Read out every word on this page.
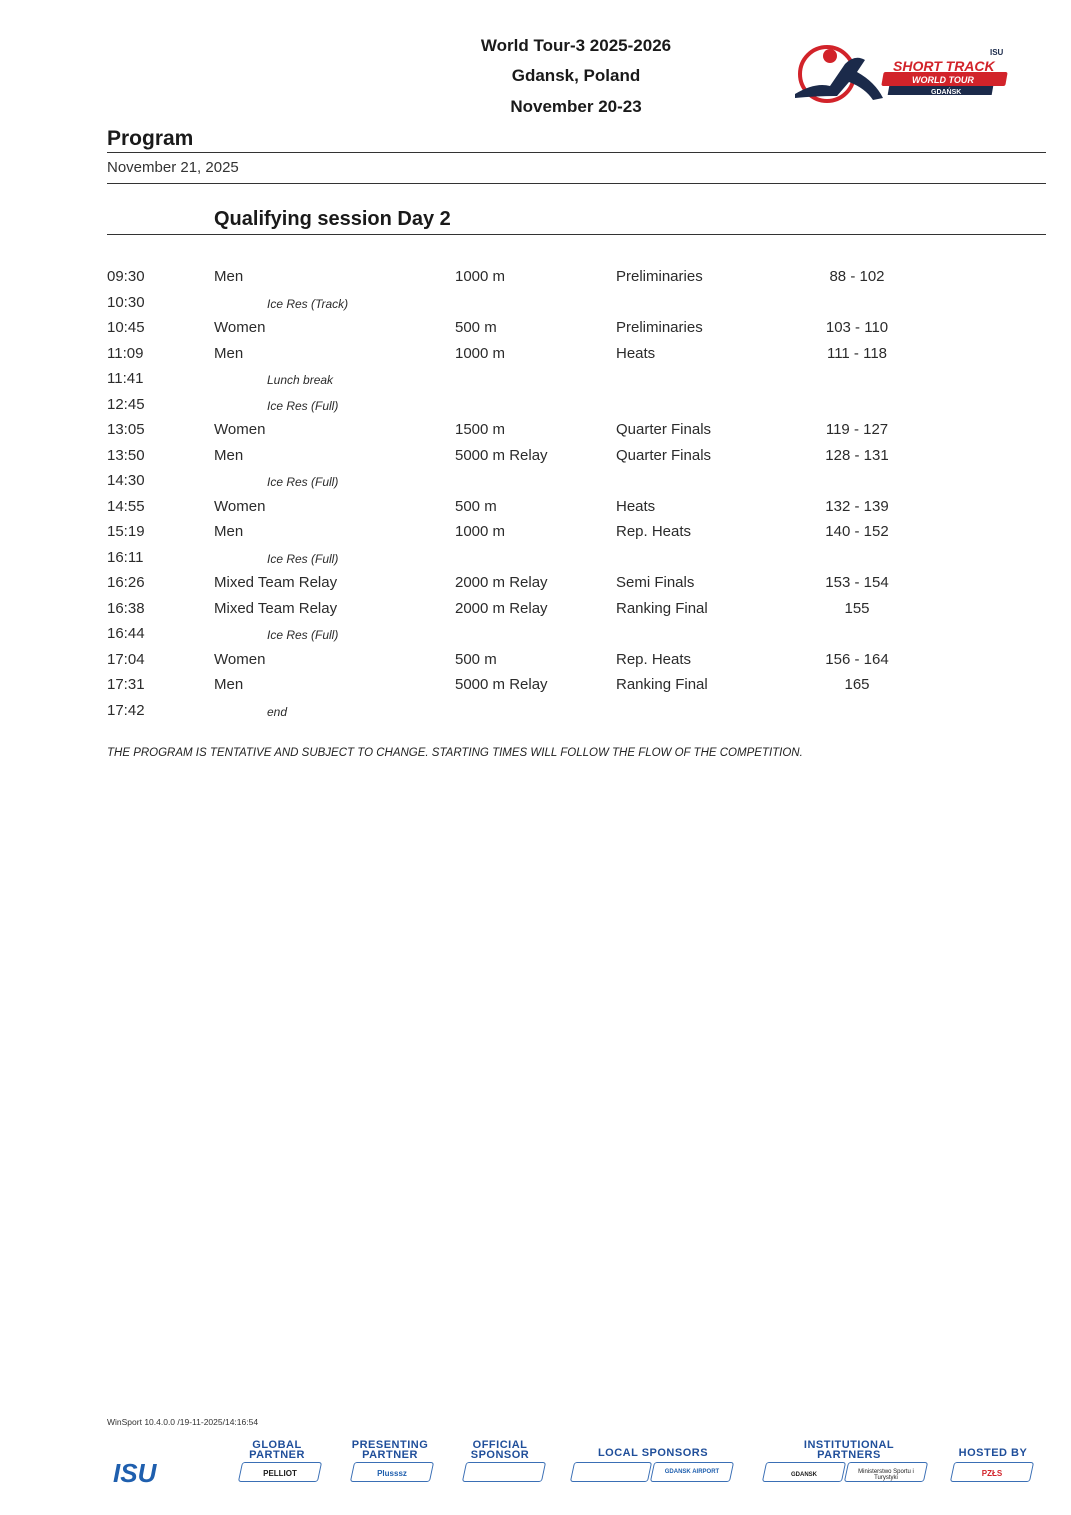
World Tour-3 2025-2026
Gdansk, Poland
November 20-23
ISU
SHORT TRACK
WORLD TOUR
GDAŃSK
Program
November 21, 2025
Qualifying session Day 2
09:30	Men	1000 m	Preliminaries	88 - 102
10:30	Ice Res (Track)
10:45	Women	500 m	Preliminaries	103 - 110
11:09	Men	1000 m	Heats	111 - 118
11:41	Lunch break
12:45	Ice Res (Full)
13:05	Women	1500 m	Quarter Finals	119 - 127
13:50	Men	5000 m Relay	Quarter Finals	128 - 131
14:30	Ice Res (Full)
14:55	Women	500 m	Heats	132 - 139
15:19	Men	1000 m	Rep. Heats	140 - 152
16:11	Ice Res (Full)
16:26	Mixed Team Relay	2000 m Relay	Semi Finals	153 - 154
16:38	Mixed Team Relay	2000 m Relay	Ranking Final	155
16:44	Ice Res (Full)
17:04	Women	500 m	Rep. Heats	156 - 164
17:31	Men	5000 m Relay	Ranking Final	165
17:42	end
THE PROGRAM IS TENTATIVE AND SUBJECT TO CHANGE. STARTING TIMES WILL FOLLOW THE FLOW OF THE COMPETITION.
WinSport 10.4.0.0 /19-11-2025/14:16:54
ISU
GLOBAL PARTNER
PELLIOT
PRESENTING PARTNER
Plusssz
OFFICIAL SPONSOR	LOCAL SPONSORS
GDANSK AIRPORT
INSTITUTIONAL PARTNERS
GDANSK	Ministerstwo Sportu i Turystyki
HOSTED BY
PZŁS
